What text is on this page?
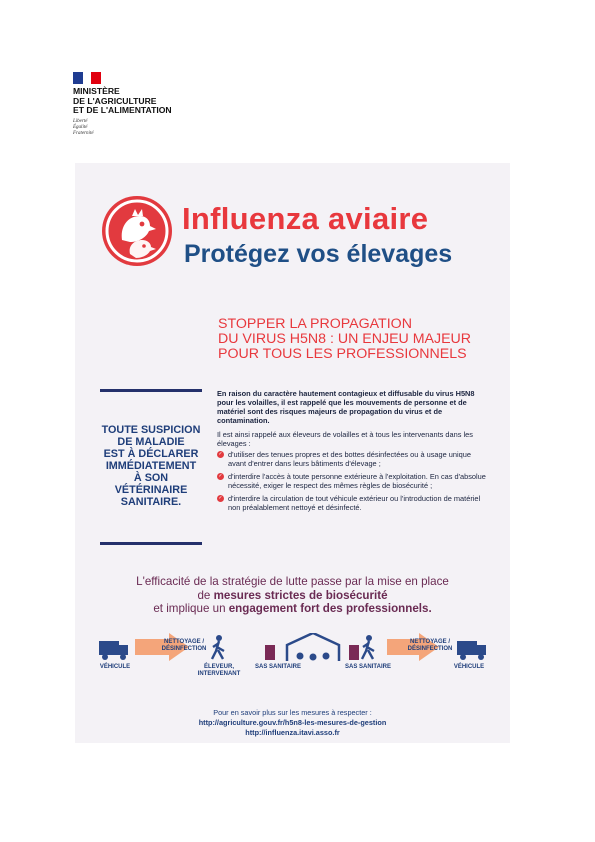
MINISTÈRE
DE L'AGRICULTURE
ET DE L'ALIMENTATION
Liberté
Égalité
Fraternité
Influenza aviaire
Protégez vos élevages
STOPPER LA PROPAGATION
DU VIRUS H5N8 : UN ENJEU MAJEUR
POUR TOUS LES PROFESSIONNELS
TOUTE SUSPICION
DE MALADIE
EST À DÉCLARER
IMMÉDIATEMENT
À SON VÉTÉRINAIRE
SANITAIRE.
En raison du caractère hautement contagieux et diffusable du virus H5N8 pour les volailles, il est rappelé que les mouvements de personne et de matériel sont des risques majeurs de propagation du virus et de contamination.
Il est ainsi rappelé aux éleveurs de volailles et à tous les intervenants dans les élevages :
✓ d'utiliser des tenues propres et des bottes désinfectées ou à usage unique avant d'entrer dans leurs bâtiments d'élevage ;
✓ d'interdire l'accès à toute personne extérieure à l'exploitation. En cas d'absolue nécessité, exiger le respect des mêmes règles de biosécurité ;
✓ d'interdire la circulation de tout véhicule extérieur ou l'introduction de matériel non préalablement nettoyé et désinfecté.
L'efficacité de la stratégie de lutte passe par la mise en place
de mesures strictes de biosécurité
et implique un engagement fort des professionnels.
VÉHICULE
NETTOYAGE /
DÉSINFECTION
ÉLEVEUR,
INTERVENANT
SAS SANITAIRE	SAS SANITAIRE
NETTOYAGE /
DÉSINFECTION
VÉHICULE
Pour en savoir plus sur les mesures à respecter :
http://agriculture.gouv.fr/h5n8-les-mesures-de-gestion
http://influenza.itavi.asso.fr
